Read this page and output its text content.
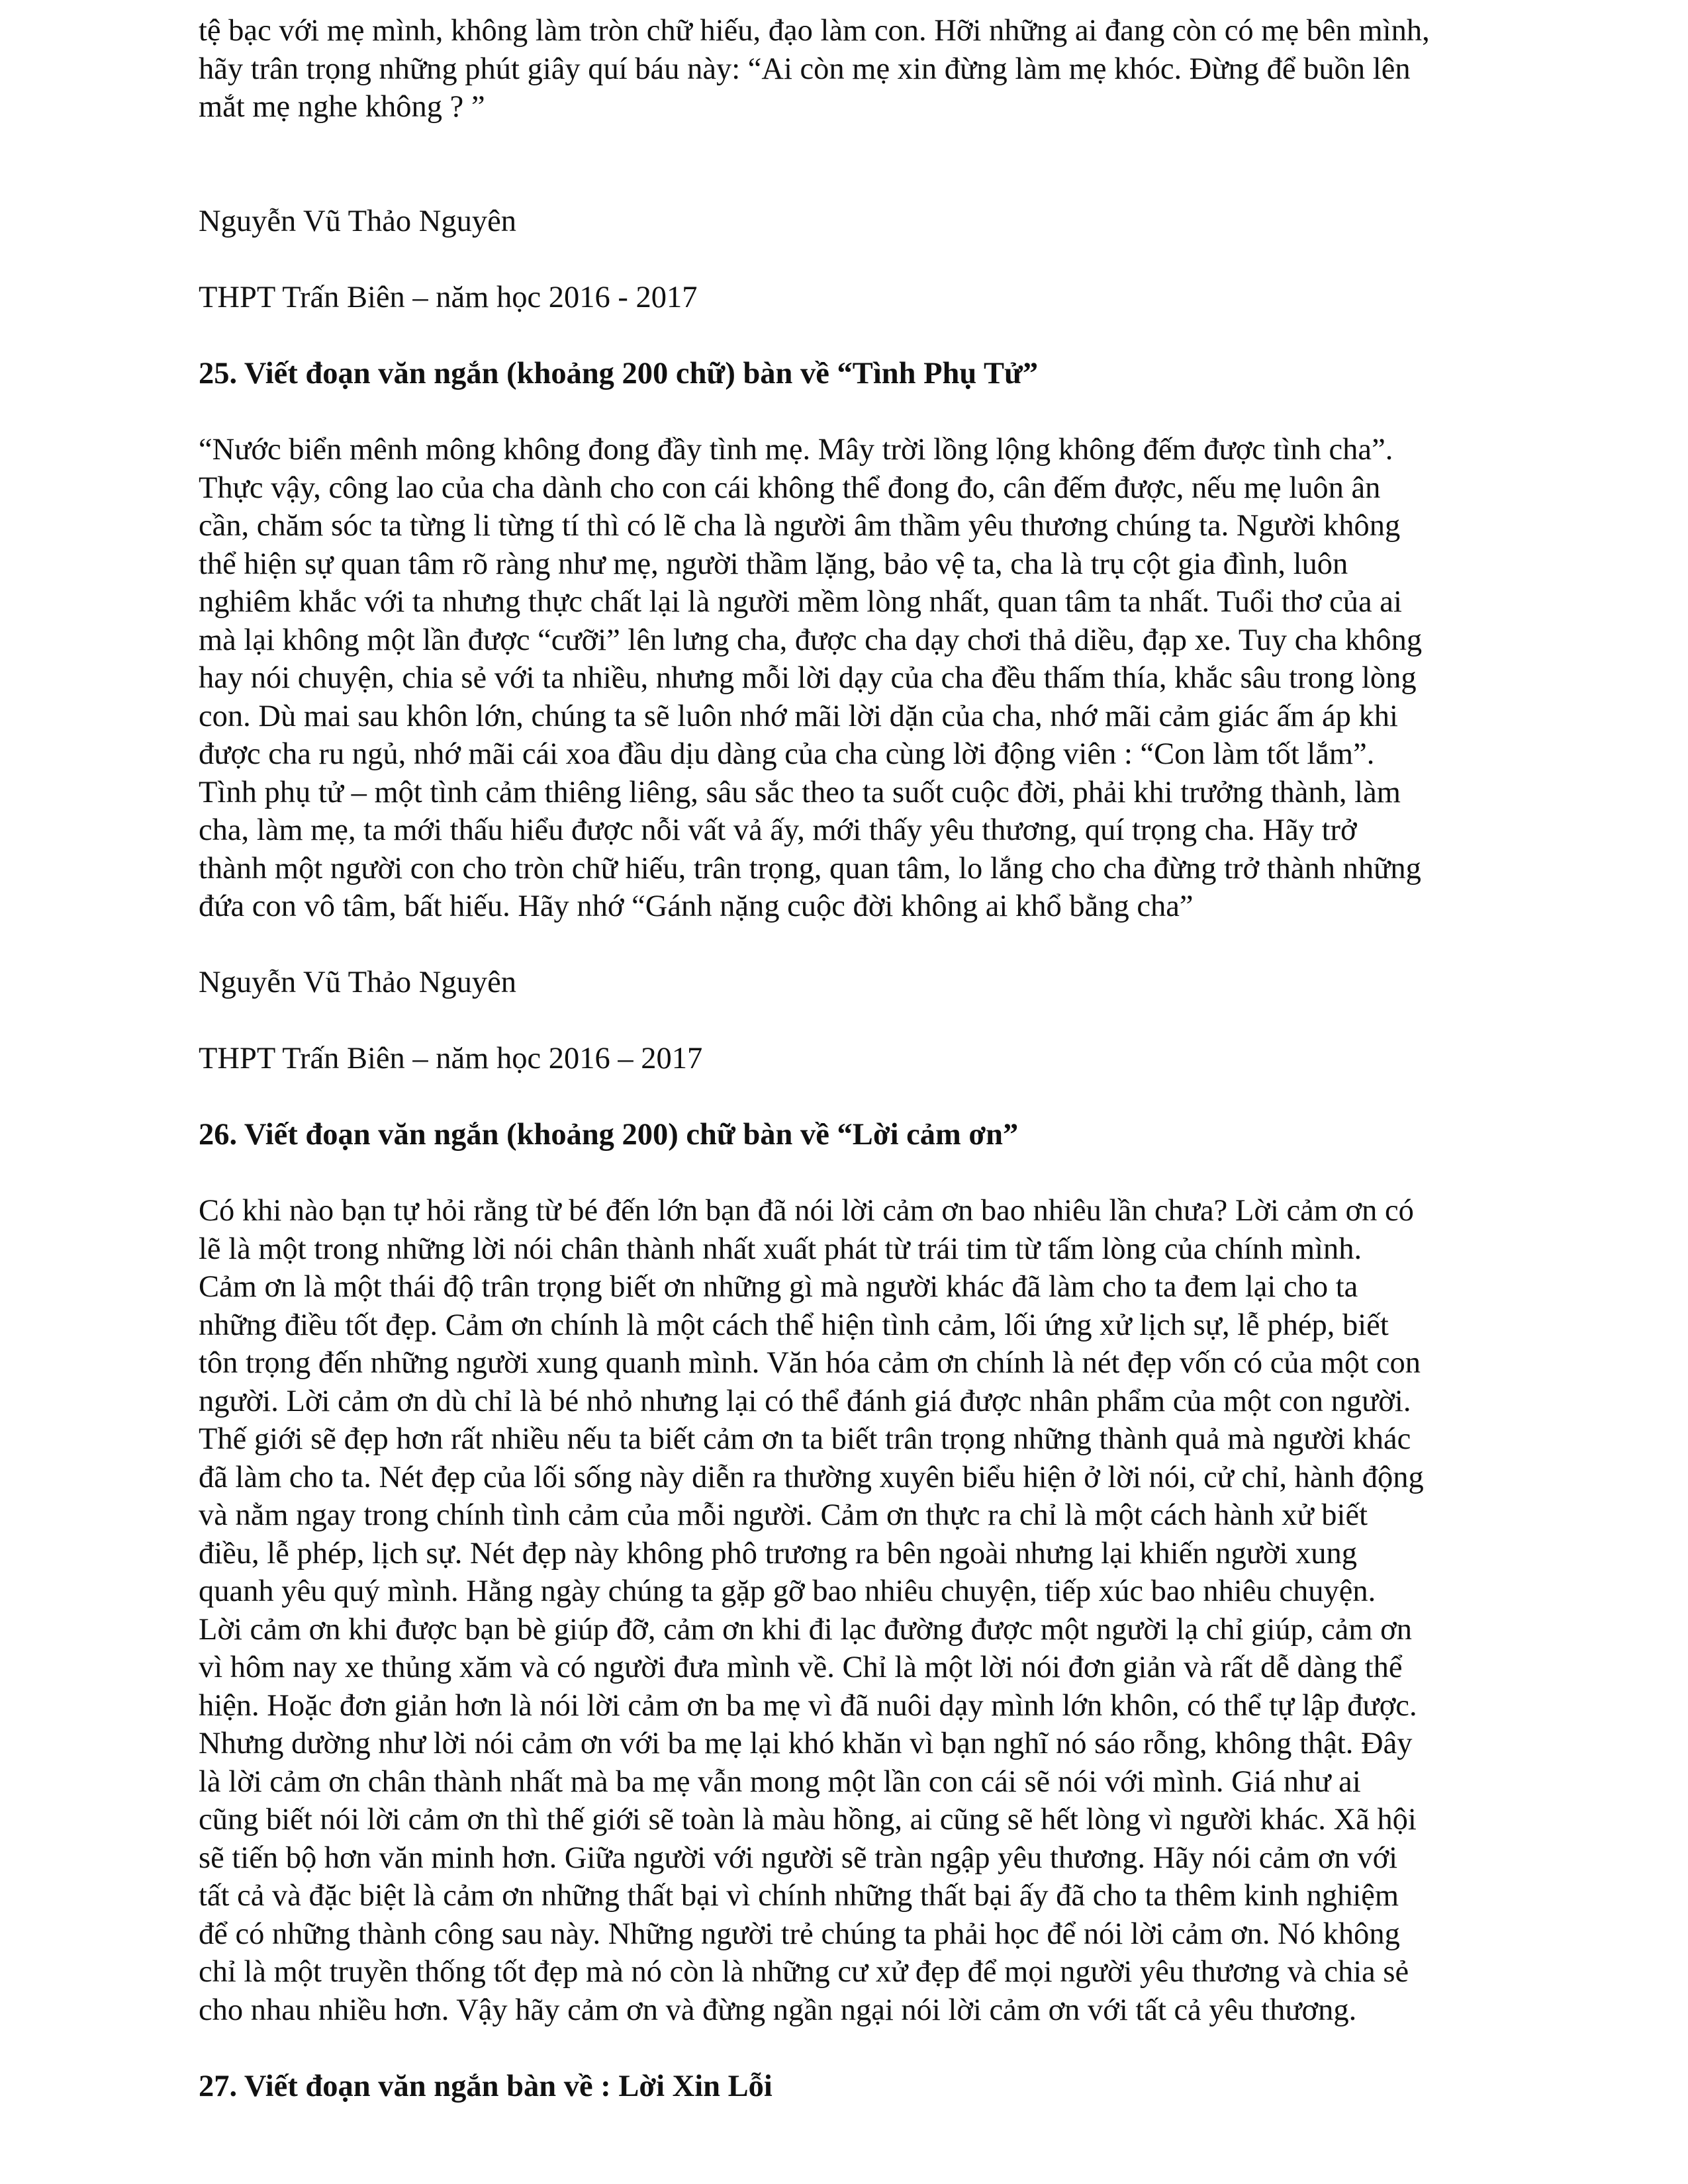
tệ bạc với mẹ mình, không làm tròn chữ hiếu, đạo làm con. Hỡi những ai đang còn có mẹ bên mình,
hãy trân trọng những phút giây quí báu này: “Ai còn mẹ xin đừng làm mẹ khóc. Đừng để buồn lên
mắt mẹ nghe không ? ”
Nguyễn Vũ Thảo Nguyên
THPT Trấn Biên – năm học 2016 - 2017
25. Viết đoạn văn ngắn (khoảng 200 chữ) bàn về “Tình Phụ Tử”
“Nước biển mênh mông không đong đầy tình mẹ. Mây trời lồng lộng không đếm được tình cha”.
Thực vậy, công lao của cha dành cho con cái không thể đong đo, cân đếm được, nếu mẹ luôn ân
cần, chăm sóc ta từng li từng tí thì có lẽ cha là người âm thầm yêu thương chúng ta. Người không
thể hiện sự quan tâm rõ ràng như mẹ, người thầm lặng, bảo vệ ta, cha là trụ cột gia đình, luôn
nghiêm khắc với ta nhưng thực chất lại là người mềm lòng nhất, quan tâm ta nhất. Tuổi thơ của ai
mà lại không một lần được “cưỡi” lên lưng cha, được cha dạy chơi thả diều, đạp xe. Tuy cha không
hay nói chuyện, chia sẻ với ta nhiều, nhưng mỗi lời dạy của cha đều thấm thía, khắc sâu trong lòng
con. Dù mai sau khôn lớn, chúng ta sẽ luôn nhớ mãi lời dặn của cha, nhớ mãi cảm giác ấm áp khi
được cha ru ngủ, nhớ mãi cái xoa đầu dịu dàng của cha cùng lời động viên : “Con làm tốt lắm”.
Tình phụ tử – một tình cảm thiêng liêng, sâu sắc theo ta suốt cuộc đời, phải khi trưởng thành, làm
cha, làm mẹ, ta mới thấu hiểu được nỗi vất vả ấy, mới thấy yêu thương, quí trọng cha. Hãy trở
thành một người con cho tròn chữ hiếu, trân trọng, quan tâm, lo lắng cho cha đừng trở thành những
đứa con vô tâm, bất hiếu. Hãy nhớ “Gánh nặng cuộc đời không ai khổ bằng cha”
Nguyễn Vũ Thảo Nguyên
THPT Trấn Biên – năm học 2016 – 2017
26. Viết đoạn văn ngắn (khoảng 200) chữ bàn về “Lời cảm ơn”
Có khi nào bạn tự hỏi rằng từ bé đến lớn bạn đã nói lời cảm ơn bao nhiêu lần chưa? Lời cảm ơn có
lẽ là một trong những lời nói chân thành nhất xuất phát từ trái tim từ tấm lòng của chính mình.
Cảm ơn là một thái độ trân trọng biết ơn những gì mà người khác đã làm cho ta đem lại cho ta
những điều tốt đẹp. Cảm ơn chính là một cách thể hiện tình cảm, lối ứng xử lịch sự, lễ phép, biết
tôn trọng đến những người xung quanh mình. Văn hóa cảm ơn chính là nét đẹp vốn có của một con
người. Lời cảm ơn dù chỉ là bé nhỏ nhưng lại có thể đánh giá được nhân phẩm của một con người.
Thế giới sẽ đẹp hơn rất nhiều nếu ta biết cảm ơn ta biết trân trọng những thành quả mà người khác
đã làm cho ta. Nét đẹp của lối sống này diễn ra thường xuyên biểu hiện ở lời nói, cử chỉ, hành động
và nằm ngay trong chính tình cảm của mỗi người. Cảm ơn thực ra chỉ là một cách hành xử biết
điều, lễ phép, lịch sự. Nét đẹp này không phô trương ra bên ngoài nhưng lại khiến người xung
quanh yêu quý mình. Hằng ngày chúng ta gặp gỡ bao nhiêu chuyện, tiếp xúc bao nhiêu chuyện.
Lời cảm ơn khi được bạn bè giúp đỡ, cảm ơn khi đi lạc đường được một người lạ chỉ giúp, cảm ơn
vì hôm nay xe thủng xăm và có người đưa mình về. Chỉ là một lời nói đơn giản và rất dễ dàng thể
hiện. Hoặc đơn giản hơn là nói lời cảm ơn ba mẹ vì đã nuôi dạy mình lớn khôn, có thể tự lập được.
Nhưng dường như lời nói cảm ơn với ba mẹ lại khó khăn vì bạn nghĩ nó sáo rỗng, không thật. Đây
là lời cảm ơn chân thành nhất mà ba mẹ vẫn mong một lần con cái sẽ nói với mình. Giá như ai
cũng biết nói lời cảm ơn thì thế giới sẽ toàn là màu hồng, ai cũng sẽ hết lòng vì người khác. Xã hội
sẽ tiến bộ hơn văn minh hơn. Giữa người với người sẽ tràn ngập yêu thương. Hãy nói cảm ơn với
tất cả và đặc biệt là cảm ơn những thất bại vì chính những thất bại ấy đã cho ta thêm kinh nghiệm
để có những thành công sau này. Những người trẻ chúng ta phải học để nói lời cảm ơn. Nó không
chỉ là một truyền thống tốt đẹp mà nó còn là những cư xử đẹp để mọi người yêu thương và chia sẻ
cho nhau nhiều hơn. Vậy hãy cảm ơn và đừng ngần ngại nói lời cảm ơn với tất cả yêu thương.
27. Viết đoạn văn ngắn bàn về : Lời Xin Lỗi
